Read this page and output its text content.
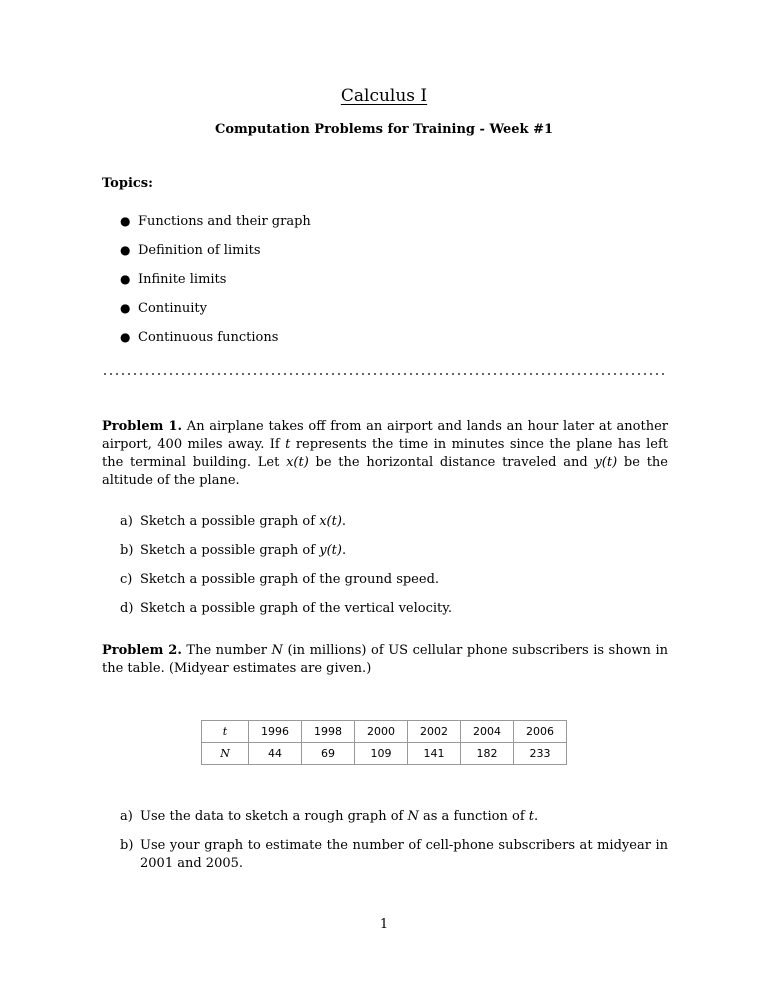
Calculus I
Computation Problems for Training - Week #1
Topics:
● Functions and their graph
● Definition of limits
● Infinite limits
● Continuity
● Continuous functions
Problem 1. An airplane takes off from an airport and lands an hour later at another airport, 400 miles away. If t represents the time in minutes since the plane has left the terminal building. Let x(t) be the horizontal distance traveled and y(t) be the altitude of the plane.
a) Sketch a possible graph of x(t).
b) Sketch a possible graph of y(t).
c) Sketch a possible graph of the ground speed.
d) Sketch a possible graph of the vertical velocity.
Problem 2. The number N (in millions) of US cellular phone subscribers is shown in the table. (Midyear estimates are given.)
t	1996	1998	2000	2002	2004	2006
N	44	69	109	141	182	233
a) Use the data to sketch a rough graph of N as a function of t.
b) Use your graph to estimate the number of cell-phone subscribers at midyear in 2001 and 2005.
1
